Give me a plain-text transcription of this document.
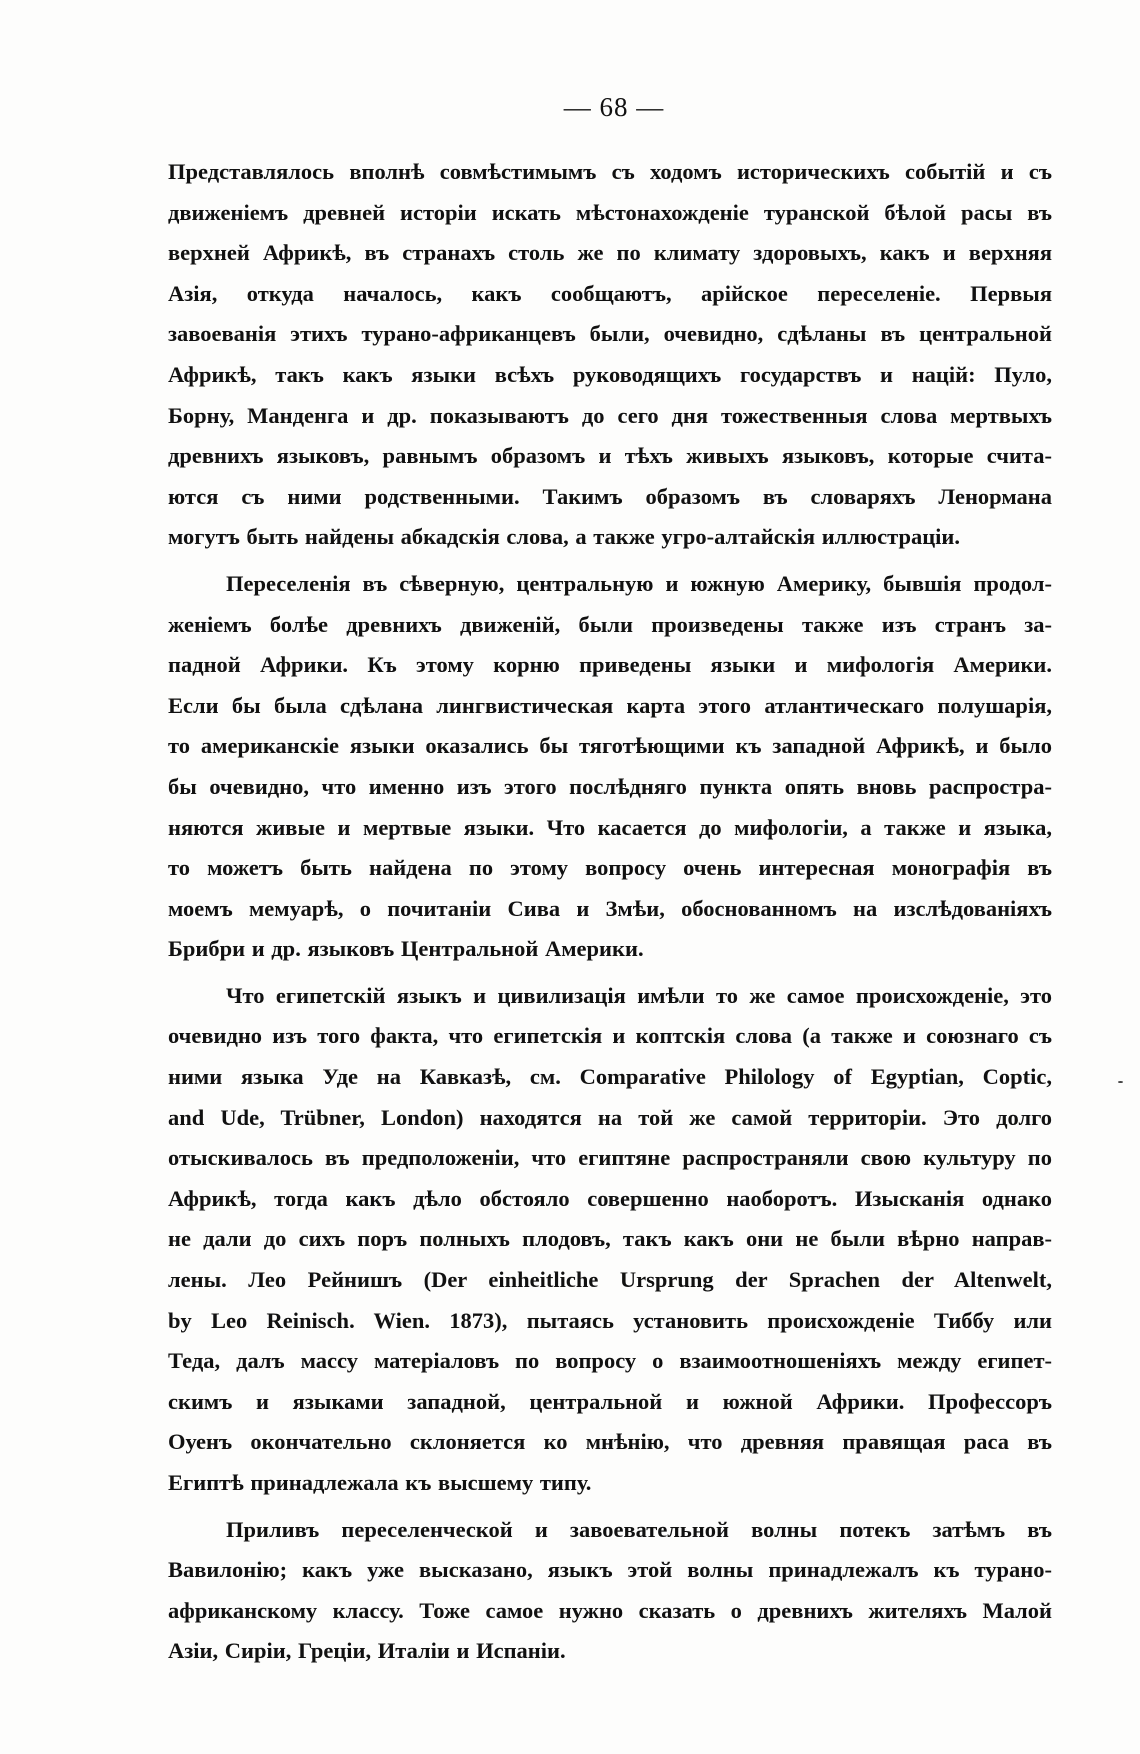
— 68 —
Представлялось вполнѣ совмѣстимымъ съ ходомъ историческихъ событій и съ
движеніемъ древней исторіи искать мѣстонахожденіе туранской бѣлой расы въ
верхней Африкѣ, въ странахъ столь же по климату здоровыхъ, какъ и верхняя
Азія, откуда началось, какъ сообщаютъ, арійское переселеніе. Первыя
завоеванія этихъ турано-африканцевъ были, очевидно, сдѣланы въ центральной
Африкѣ, такъ какъ языки всѣхъ руководящихъ государствъ и націй: Пуло,
Борну, Манденга и др. показываютъ до сего дня тожественныя слова мертвыхъ
древнихъ языковъ, равнымъ образомъ и тѣхъ живыхъ языковъ, которые счита-
ются съ ними родственными. Такимъ образомъ въ словаряхъ Ленормана
могутъ быть найдены абкадскія слова, а также угро-алтайскія иллюстраціи.
Переселенія въ сѣверную, центральную и южную Америку, бывшія продол-
женіемъ болѣе древнихъ движеній, были произведены также изъ странъ за-
падной Африки. Къ этому корню приведены языки и мифологія Америки.
Если бы была сдѣлана лингвистическая карта этого атлантическаго полушарія,
то американскіе языки оказались бы тяготѣющими къ западной Африкѣ, и было
бы очевидно, что именно изъ этого послѣдняго пункта опять вновь распростра-
няются живые и мертвые языки. Что касается до мифологіи, а также и языка,
то можетъ быть найдена по этому вопросу очень интересная монографія въ
моемъ мемуарѣ, о почитаніи Сива и Змѣи, обоснованномъ на изслѣдованіяхъ
Брибри и др. языковъ Центральной Америки.
Что египетскій языкъ и цивилизація имѣли то же самое происхожденіе, это
очевидно изъ того факта, что египетскія и коптскія слова (а также и союзнаго съ
ними языка Уде на Кавказѣ, см. Comparative Philology of Egyptian, Coptic,
and Ude, Trübner, London) находятся на той же самой территоріи. Это долго
отыскивалось въ предположеніи, что египтяне распространяли свою культуру по
Африкѣ, тогда какъ дѣло обстояло совершенно наоборотъ. Изысканія однако
не дали до сихъ поръ полныхъ плодовъ, такъ какъ они не были вѣрно направ-
лены. Лео Рейнишъ (Der einheitliche Ursprung der Sprachen der Altenwelt,
by Leo Reinisch. Wien. 1873), пытаясь установить происхожденіе Тиббу или
Теда, далъ массу матеріаловъ по вопросу о взаимоотношеніяхъ между египет-
скимъ и языками западной, центральной и южной Африки. Профессоръ
Оуенъ окончательно склоняется ко мнѣнію, что древняя правящая раса въ
Египтѣ принадлежала къ высшему типу.
Приливъ переселенческой и завоевательной волны потекъ затѣмъ въ
Вавилонію; какъ уже высказано, языкъ этой волны принадлежалъ къ турано-
африканскому классу. Тоже самое нужно сказать о древнихъ жителяхъ Малой
Азіи, Сиріи, Греціи, Италіи и Испаніи.
